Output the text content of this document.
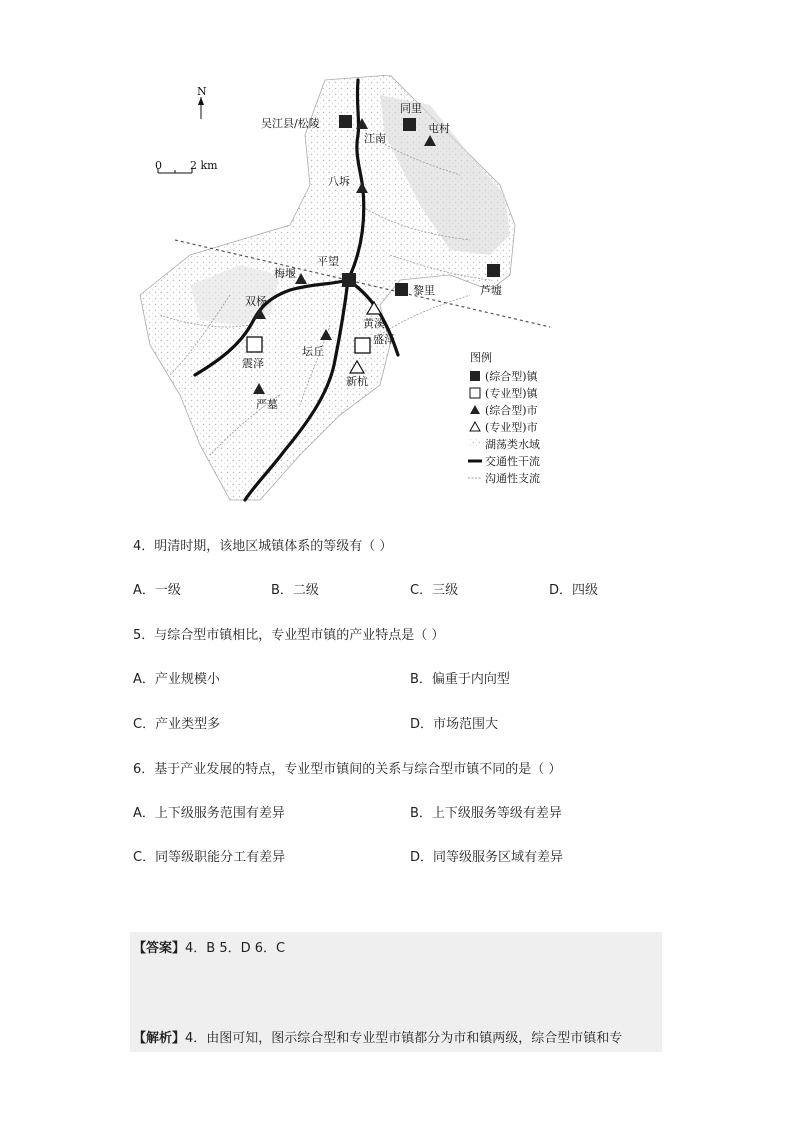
N
0	2 km
吴江县/松陵
江南
同里
屯村
八坼
平望
梅堰
黎里	芦墟
双杨
黄溪
震泽
坛丘
盛泽
严墓
新杭
图例
(综合型)镇
(专业型)镇
(综合型)市
(专业型)市
湖荡类水域
交通性干流
沟通性支流
4．明清时期，该地区城镇体系的等级有（ ）
A．一级	B．二级	C．三级	D．四级
5．与综合型市镇相比，专业型市镇的产业特点是（ ）
A．产业规模小	B．偏重于内向型
C．产业类型多	D．市场范围大
6．基于产业发展的特点，专业型市镇间的关系与综合型市镇不同的是（ ）
A．上下级服务范围有差异	B．上下级服务等级有差异
C．同等级职能分工有差异	D．同等级服务区域有差异
【答案】4．B 5．D 6．C
【解析】4．由图可知，图示综合型和专业型市镇都分为市和镇两级，综合型市镇和专
